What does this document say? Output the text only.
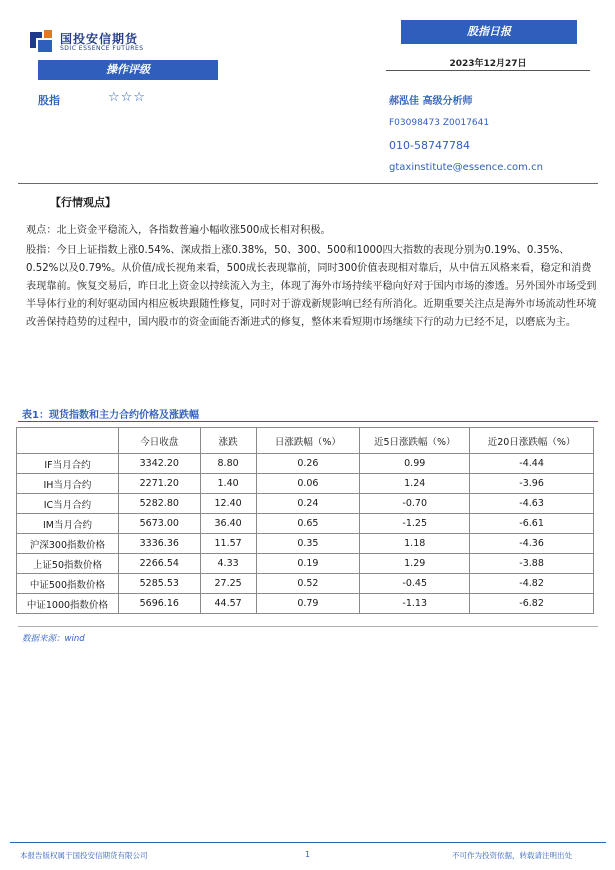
国投安信期货
SDIC ESSENCE FUTURES
股指日报
2023年12月27日
操作评级
股指	☆☆☆	郝泓佳 高级分析师
F03098473 Z0017641
010-58747784
gtaxinstitute@essence.com.cn
【行情观点】

观点：北上资金平稳流入，各指数普遍小幅收涨500成长相对积极。

股指：今日上证指数上涨0.54%、深成指上涨0.38%，50、300、500和1000四大指数的表现分别为0.19%、0.35%、0.52%以及0.79%。从价值/成长视角来看，500成长表现靠前，同时300价值表现相对靠后，从中信五风格来看，稳定和消费表现靠前。恢复交易后，昨日北上资金以持续流入为主，体现了海外市场持续平稳向好对于国内市场的渗透。另外国外市场受到半导体行业的利好驱动国内相应板块跟随性修复，同时对于游戏新规影响已经有所消化。近期重要关注点是海外市场流动性环境改善保持趋势的过程中，国内股市的资金面能否渐进式的修复，整体来看短期市场继续下行的动力已经不足，以磨底为主。

表1：现货指数和主力合约价格及涨跌幅
	今日收盘	涨跌	日涨跌幅（%）	近5日涨跌幅（%）	近20日涨跌幅（%）
IF当月合约	3342.20	8.80	0.26	0.99	-4.44
IH当月合约	2271.20	1.40	0.06	1.24	-3.96
IC当月合约	5282.80	12.40	0.24	-0.70	-4.63
IM当月合约	5673.00	36.40	0.65	-1.25	-6.61
沪深300指数价格	3336.36	11.57	0.35	1.18	-4.36
上证50指数价格	2266.54	4.33	0.19	1.29	-3.88
中证500指数价格	5285.53	27.25	0.52	-0.45	-4.82
中证1000指数价格	5696.16	44.57	0.79	-1.13	-6.82
数据来源：wind
本报告版权属于国投安信期货有限公司	1	不可作为投资依据，转载请注明出处
